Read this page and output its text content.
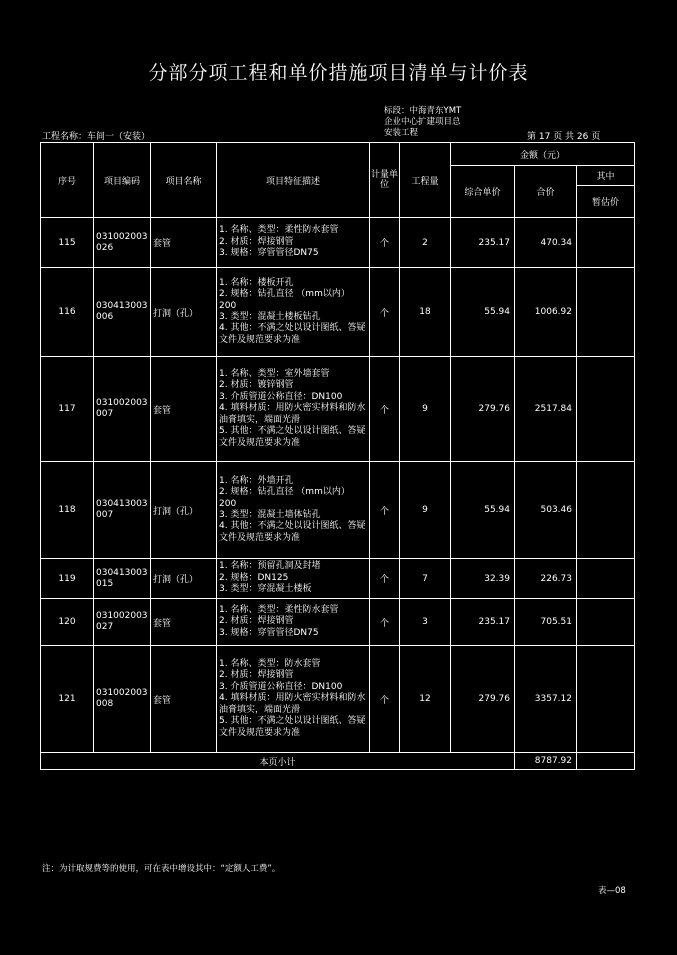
分部分项工程和单价措施项目清单与计价表
标段：中海青东YMT
企业中心扩建项目总
安装工程
工程名称：车间一（安装）	第 17 页 共 26 页
序号	项目编码	项目名称	项目特征描述	计量单位	工程量	金额（元）		
						综合单价	合价	其中
								暂估价
115	031002003026	套管	1. 名称、类型：柔性防水套管
2. 材质：焊接钢管
3. 规格：穿管管径DN75	个	2	235.17	470.34	
116	030413003006	打洞（孔）	1. 名称：楼板开孔
2. 规格：钻孔直径 （mm以内）200
3. 类型：混凝土楼板钻孔
4. 其他：不满之处以设计图纸、答疑文件及规范要求为准	个	18	55.94	1006.92	
117	031002003007	套管	1. 名称、类型：室外墙套管
2. 材质：镀锌钢管
3. 介质管道公称直径：DN100
4. 填料材质：用防火密实材料和防水油膏填实，端面光滑
5. 其他：不满之处以设计图纸、答疑文件及规范要求为准	个	9	279.76	2517.84	
118	030413003007	打洞（孔）	1. 名称：外墙开孔
2. 规格：钻孔直径 （mm以内）200
3. 类型：混凝土墙体钻孔
4. 其他：不满之处以设计图纸、答疑文件及规范要求为准	个	9	55.94	503.46	
119	030413003015	打洞（孔）	1. 名称：预留孔洞及封堵
2. 规格：DN125
3. 类型：穿混凝土楼板	个	7	32.39	226.73	
120	031002003027	套管	1. 名称、类型：柔性防水套管
2. 材质：焊接钢管
3. 规格：穿管管径DN75	个	3	235.17	705.51	
121	031002003008	套管	1. 名称、类型：防水套管
2. 材质：焊接钢管
3. 介质管道公称直径：DN100
4. 填料材质：用防火密实材料和防水油膏填实，端面光滑
5. 其他：不满之处以设计图纸、答疑文件及规范要求为准	个	12	279.76	3357.12	
本页小计							8787.92	
注：为计取规费等的使用，可在表中增设其中：“定额人工费”。
表—08
